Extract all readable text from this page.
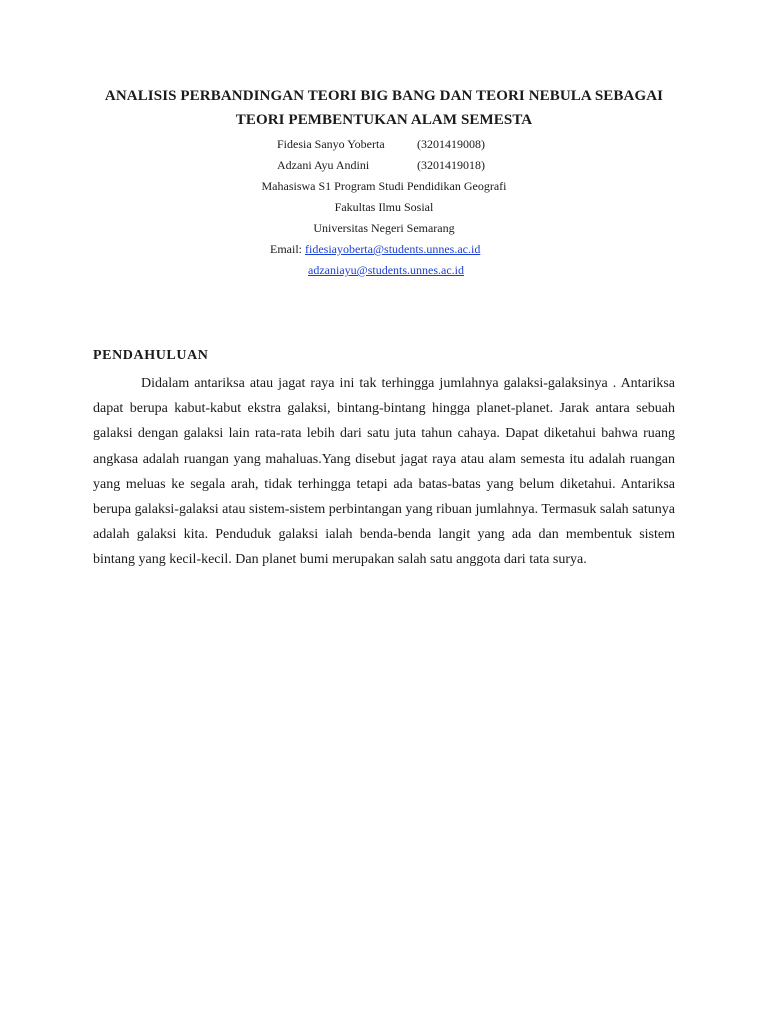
ANALISIS PERBANDINGAN TEORI BIG BANG DAN TEORI NEBULA SEBAGAI

TEORI PEMBENTUKAN ALAM SEMESTA

Fidesia Sanyo Yoberta	(3201419008)
Adzani Ayu Andini	(3201419018)

Mahasiswa S1 Program Studi Pendidikan Geografi

Fakultas Ilmu Sosial

Universitas Negeri Semarang

Email: fidesiayoberta@students.unnes.ac.id
adzaniayu@students.unnes.ac.id
PENDAHULUAN

Didalam antariksa atau jagat raya ini tak terhingga jumlahnya galaksi-galaksinya . Antariksa dapat berupa kabut-kabut ekstra galaksi, bintang-bintang hingga planet-planet. Jarak antara sebuah galaksi dengan galaksi lain rata-rata lebih dari satu juta tahun cahaya. Dapat diketahui bahwa ruang angkasa adalah ruangan yang mahaluas.Yang disebut jagat raya atau alam semesta itu adalah ruangan yang meluas ke segala arah, tidak terhingga tetapi ada batas-batas yang belum diketahui. Antariksa berupa galaksi-galaksi atau sistem-sistem perbintangan yang ribuan jumlahnya. Termasuk salah satunya adalah galaksi kita. Penduduk galaksi ialah benda-benda langit yang ada dan membentuk sistem bintang yang kecil-kecil. Dan planet bumi merupakan salah satu anggota dari tata surya.
